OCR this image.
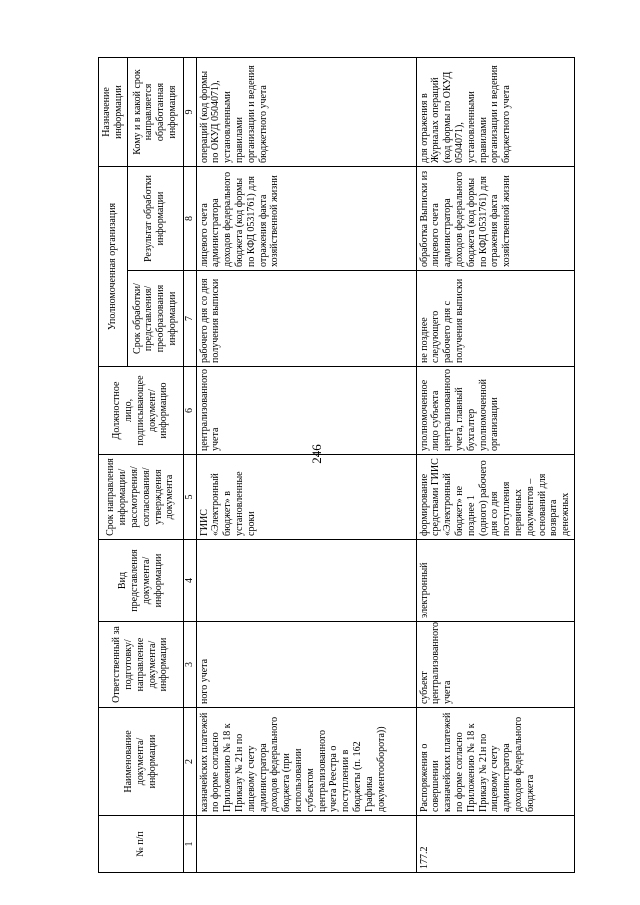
246
№ п/п	Наименование документа/ информации	Ответственный за подготовку/ направление документа/ информации	Вид представления документа/ информации	Срок направления информации/ рассмотрения/ согласования/ утверждения документа	Должностное лицо, подписывающее документ/ информацию	Уполномоченная организация		Назначение информации
						Срок обработки/ представления/ преобразования информации	Результат обработки информации	Кому и в какой срок направляется обработанная информация
1	2	3	4	5	6	7	8	9
	казначейских платежей по форме согласно Приложению № 18 к Приказу № 21н по лицевому счету администратора доходов федерального бюджета (при использовании субъектом централизованного учета Реестра о поступлении в бюджеты (п. 162 Графика документооборота))	ного учета		ГИИС «Электронный бюджет» в установленные сроки	централизованного учета	рабочего дня со дня получения выписки	лицевого счета администратора доходов федерального бюджета (код формы по КФД 0531761) для отражения факта хозяйственной жизни	операций (код формы по ОКУД 0504071), установленными правилами организации и ведения бюджетного учета
177.2	Распоряжения о совершении казначейских платежей по форме согласно Приложению № 18 к Приказу № 21н по лицевому счету администратора доходов федерального бюджета	субъект централизованного учета	электронный	формирование средствами ГИИС «Электронный бюджет» не позднее 1 (одного) рабочего дня со дня поступления первичных документов – оснований для возврата денежных	уполномоченное лицо субъекта централизованного учета, главный бухгалтер уполномоченной организации	не позднее следующего рабочего дня с получения выписки	обработка Выписки из лицевого счета администратора доходов федерального бюджета (код формы по КФД 0531761) для отражения факта хозяйственной жизни	для отражения в Журналах операций (код формы по ОКУД 0504071), установленными правилами организации и ведения бюджетного учета
